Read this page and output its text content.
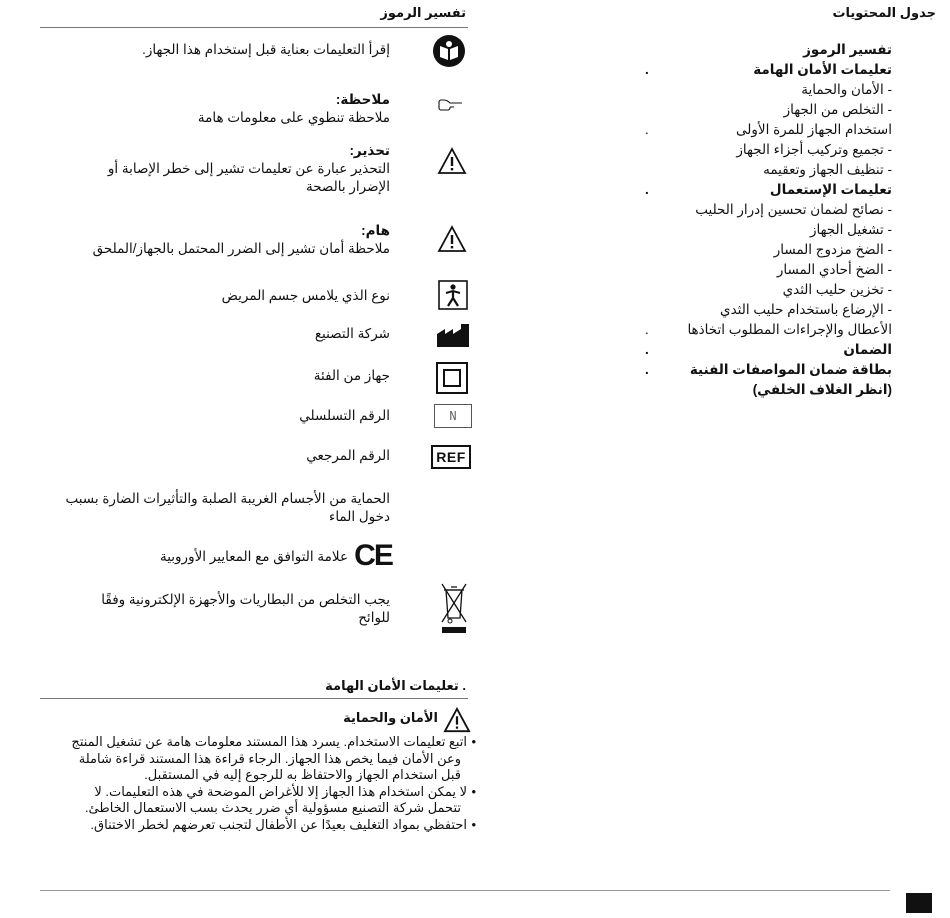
جدول المحتويات
تفسير الرموز
تعليمات الأمان الهامة
.
- الأمان والحماية
- التخلص من الجهاز
استخدام الجهاز للمرة الأولى
.
- تجميع وتركيب أجزاء الجهاز
- تنظيف الجهاز وتعقيمه
تعليمات الإستعمال
.
- نصائح لضمان تحسين إدرار الحليب
- تشغيل الجهاز
- الضخ مزدوج المسار
- الضخ أحادي المسار
- تخزين حليب الثدي
- الإرضاع باستخدام حليب الثدي
الأعطال والإجراءات المطلوب اتخاذها
.
الضمان
.
بطاقة ضمان المواصفات الفنية
.
(انظر الغلاف الخلفي)
تفسير الرموز
إقرأ التعليمات بعناية قبل إستخدام هذا الجهاز.
ملاحظة:
ملاحظة تنطوي على معلومات هامة
تحذير:
التحذير عبارة عن تعليمات تشير إلى خطر الإصابة أو
الإضرار بالصحة
هام:
ملاحظة أمان تشير إلى الضرر المحتمل بالجهاز/الملحق
نوع الذي يلامس جسم المريض
شركة التصنيع
جهاز من الفئة
N
الرقم التسلسلي
REF
الرقم المرجعي
الحماية من الأجسام الغريبة الصلبة والتأثيرات الضارة بسبب
دخول الماء
CE
علامة التوافق مع المعايير الأوروبية
يجب التخلص من البطاريات والأجهزة الإلكترونية وفقًا
للوائح
. تعليمات الأمان الهامة
الأمان والحماية
• اتبع تعليمات الاستخدام. يسرد هذا المستند معلومات هامة عن تشغيل المنتج
وعن الأمان فيما يخص هذا الجهاز. الرجاء قراءة هذا المستند قراءة شاملة
قبل استخدام الجهاز والاحتفاظ به للرجوع إليه في المستقبل.
• لا يمكن استخدام هذا الجهاز إلا للأغراض الموضحة في هذه التعليمات. لا
تتحمل شركة التصنيع مسؤولية أي ضرر يحدث بسب الاستعمال الخاطئ.
• احتفظي بمواد التغليف بعيدًا عن الأطفال لتجنب تعرضهم لخطر الاختناق.
